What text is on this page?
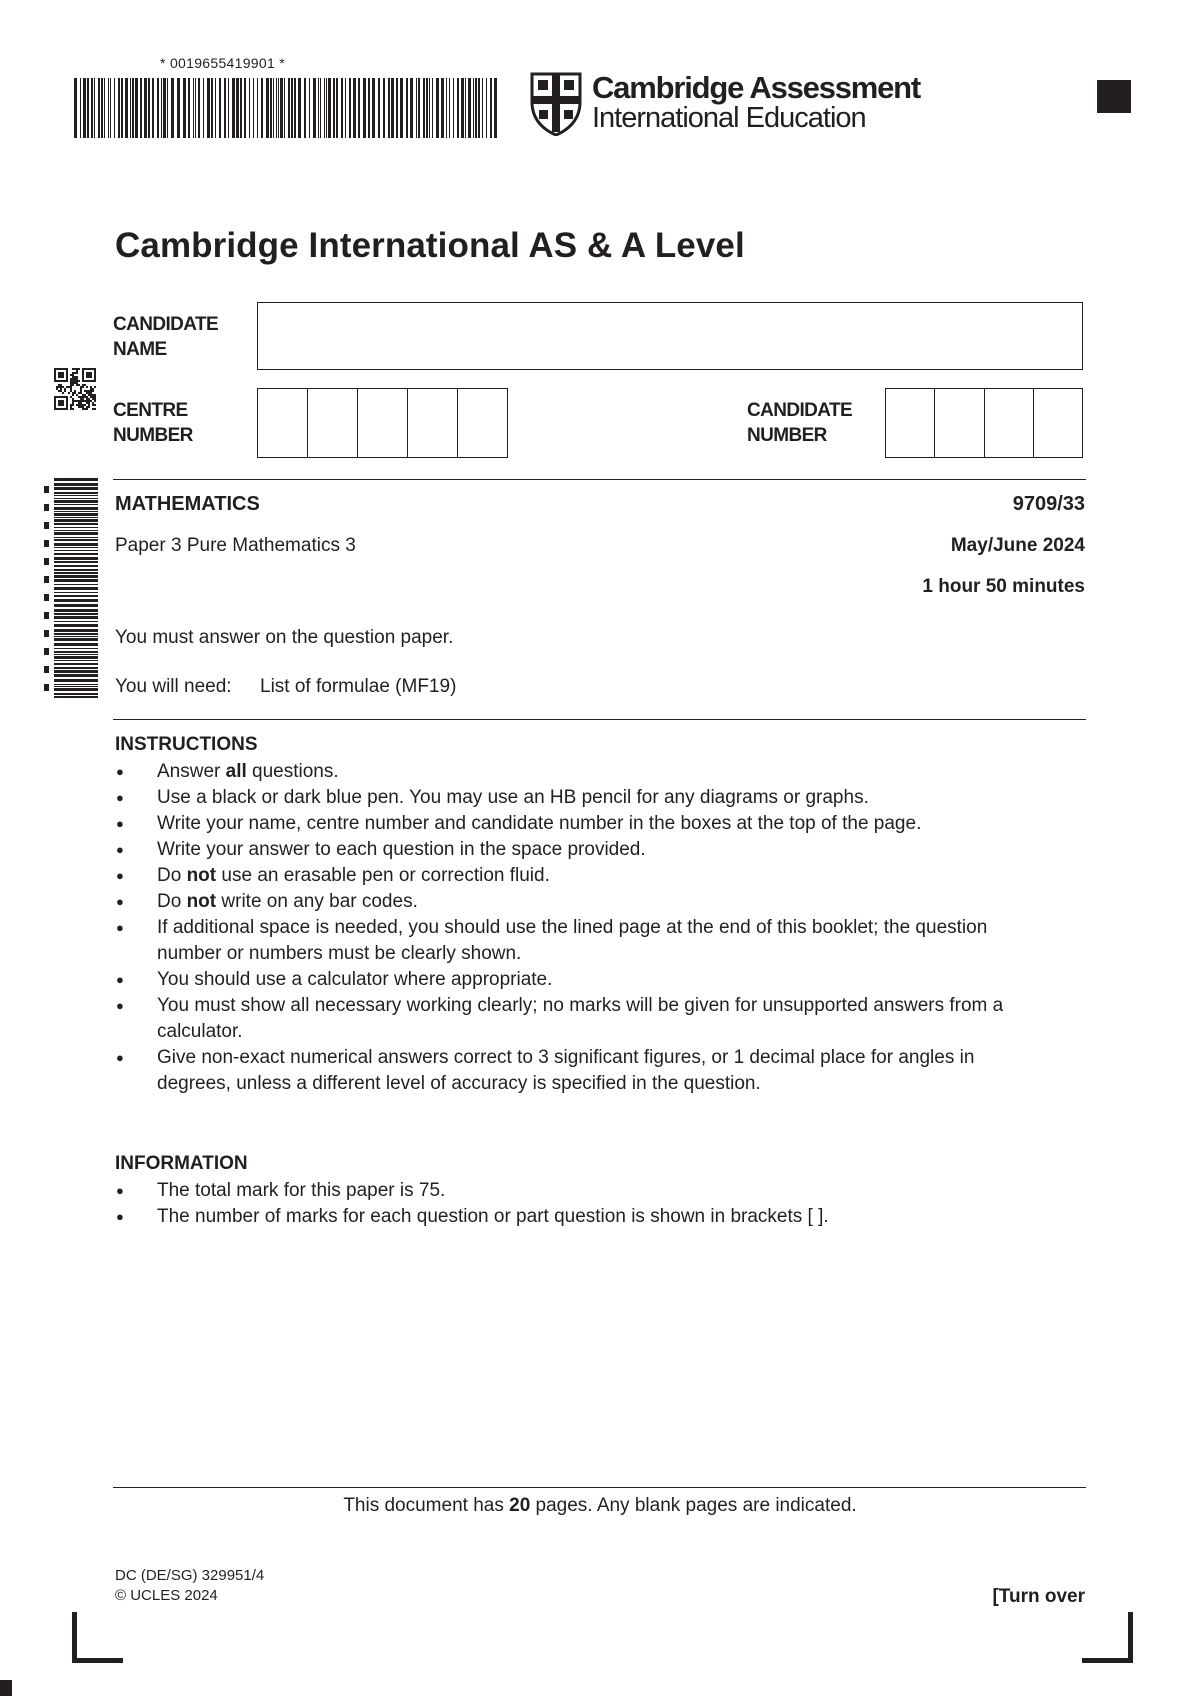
* 0019655419901 *
Cambridge Assessment
International Education
Cambridge International AS & A Level
CANDIDATE
NAME
CENTRE
NUMBER
CANDIDATE
NUMBER
MATHEMATICS	9709/33
Paper 3 Pure Mathematics 3	May/June 2024
1 hour 50 minutes
You must answer on the question paper.
You will need: List of formulae (MF19)
INSTRUCTIONS
● Answer all questions.
● Use a black or dark blue pen. You may use an HB pencil for any diagrams or graphs.
● Write your name, centre number and candidate number in the boxes at the top of the page.
● Write your answer to each question in the space provided.
● Do not use an erasable pen or correction fluid.
● Do not write on any bar codes.
● If additional space is needed, you should use the lined page at the end of this booklet; the question number or numbers must be clearly shown.
● You should use a calculator where appropriate.
● You must show all necessary working clearly; no marks will be given for unsupported answers from a calculator.
● Give non-exact numerical answers correct to 3 significant figures, or 1 decimal place for angles in degrees, unless a different level of accuracy is specified in the question.
INFORMATION
● The total mark for this paper is 75.
● The number of marks for each question or part question is shown in brackets [ ].
This document has 20 pages. Any blank pages are indicated.
DC (DE/SG) 329951/4
© UCLES 2024	[Turn over
